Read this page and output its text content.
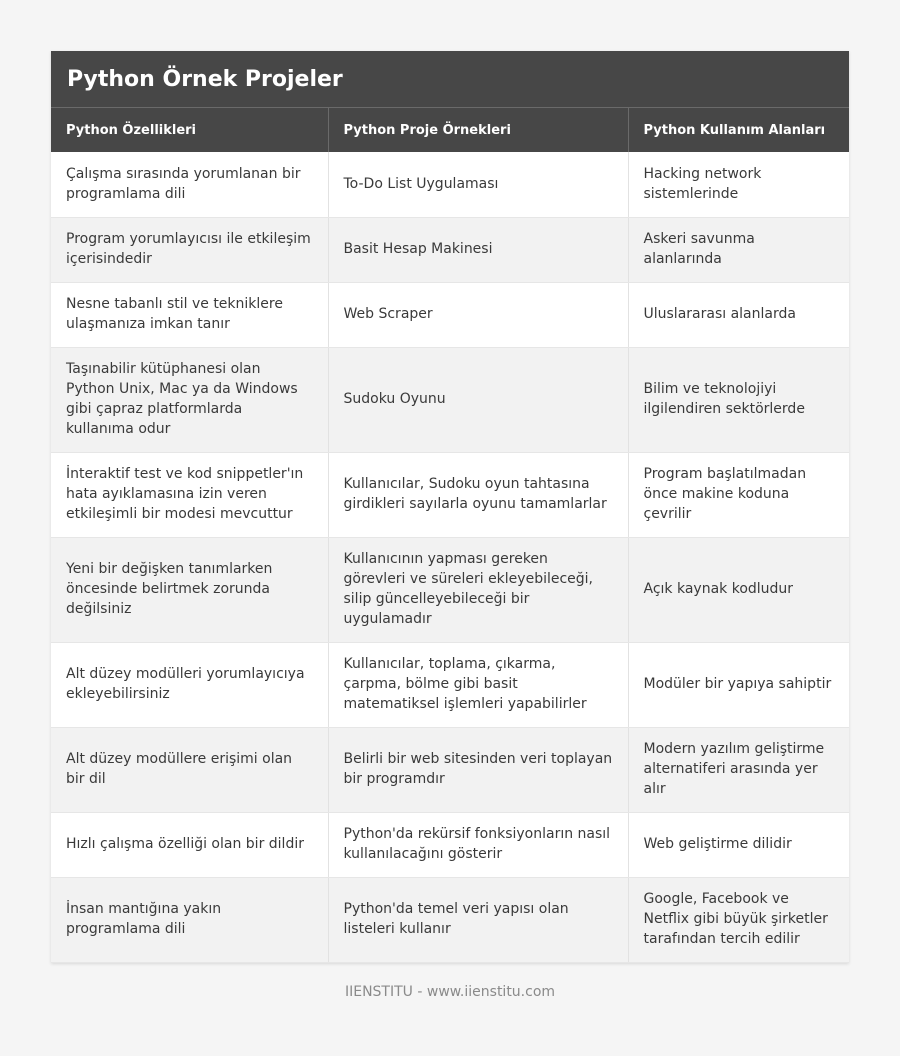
Python Örnek Projeler
Python Özellikleri	Python Proje Örnekleri	Python Kullanım Alanları
Çalışma sırasında yorumlanan bir programlama dili	To-Do List Uygulaması	Hacking network sistemlerinde
Program yorumlayıcısı ile etkileşim içerisindedir	Basit Hesap Makinesi	Askeri savunma alanlarında
Nesne tabanlı stil ve tekniklere ulaşmanıza imkan tanır	Web Scraper	Uluslararası alanlarda
Taşınabilir kütüphanesi olan Python Unix, Mac ya da Windows gibi çapraz platformlarda kullanıma odur	Sudoku Oyunu	Bilim ve teknolojiyi ilgilendiren sektörlerde
İnteraktif test ve kod snippetler'ın hata ayıklamasına izin veren etkileşimli bir modesi mevcuttur	Kullanıcılar, Sudoku oyun tahtasına girdikleri sayılarla oyunu tamamlarlar	Program başlatılmadan önce makine koduna çevrilir
Yeni bir değişken tanımlarken öncesinde belirtmek zorunda değilsiniz	Kullanıcının yapması gereken görevleri ve süreleri ekleyebileceği, silip güncelleyebileceği bir uygulamadır	Açık kaynak kodludur
Alt düzey modülleri yorumlayıcıya ekleyebilirsiniz	Kullanıcılar, toplama, çıkarma, çarpma, bölme gibi basit matematiksel işlemleri yapabilirler	Modüler bir yapıya sahiptir
Alt düzey modüllere erişimi olan bir dil	Belirli bir web sitesinden veri toplayan bir programdır	Modern yazılım geliştirme alternatiferi arasında yer alır
Hızlı çalışma özelliği olan bir dildir	Python'da rekürsif fonksiyonların nasıl kullanılacağını gösterir	Web geliştirme dilidir
İnsan mantığına yakın programlama dili	Python'da temel veri yapısı olan listeleri kullanır	Google, Facebook ve Netflix gibi büyük şirketler tarafından tercih edilir
IIENSTITU - www.iienstitu.com
